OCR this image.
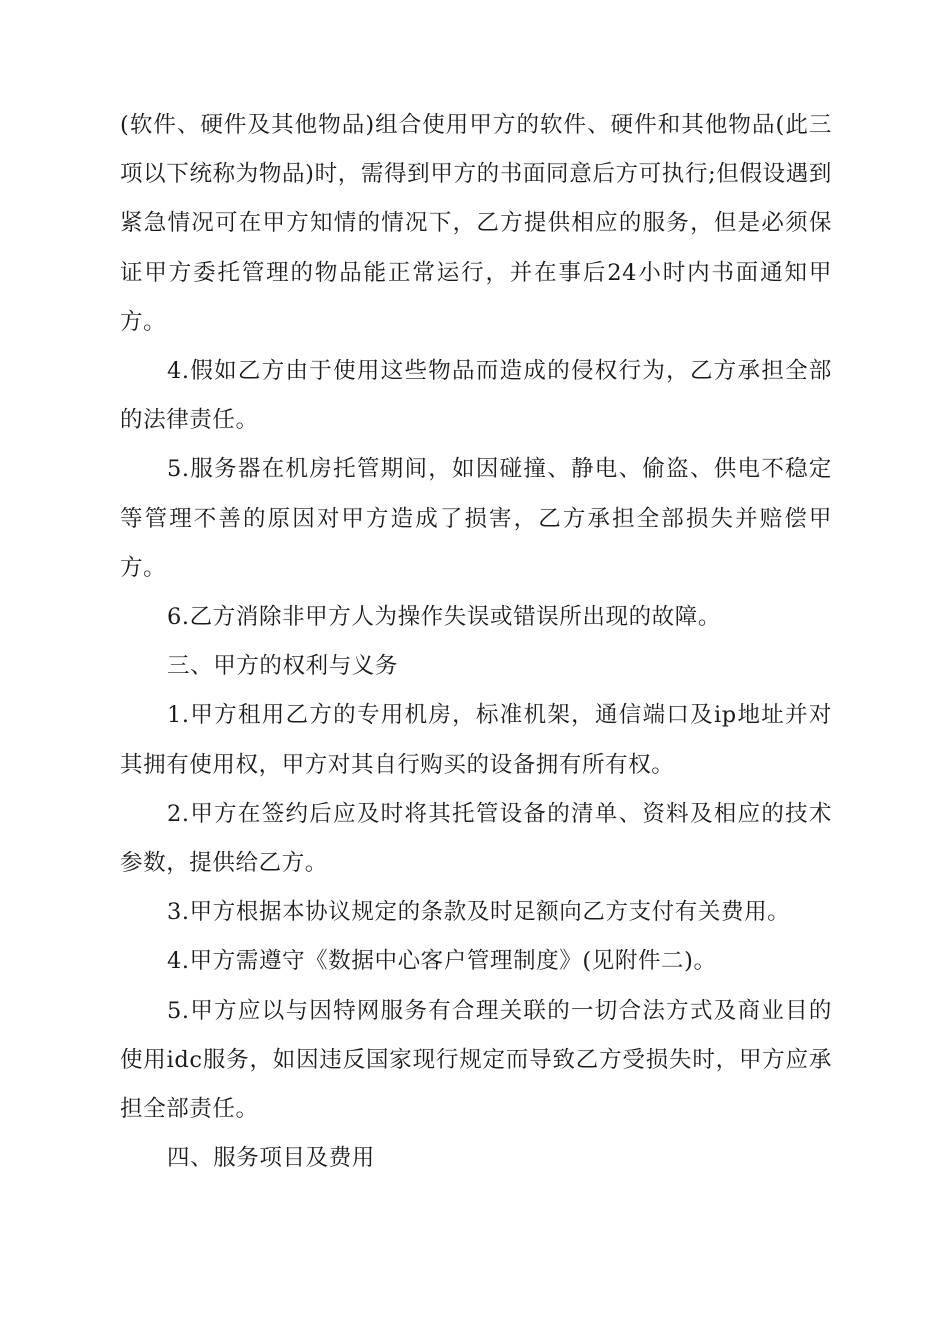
(软件、硬件及其他物品)组合使用甲方的软件、硬件和其他物品(此三项以下统称为物品)时，需得到甲方的书面同意后方可执行;但假设遇到紧急情况可在甲方知情的情况下，乙方提供相应的服务，但是必须保证甲方委托管理的物品能正常运行，并在事后24小时内书面通知甲方。

4.假如乙方由于使用这些物品而造成的侵权行为，乙方承担全部的法律责任。

5.服务器在机房托管期间，如因碰撞、静电、偷盗、供电不稳定等管理不善的原因对甲方造成了损害，乙方承担全部损失并赔偿甲方。

6.乙方消除非甲方人为操作失误或错误所出现的故障。

三、甲方的权利与义务

1.甲方租用乙方的专用机房，标准机架，通信端口及ip地址并对其拥有使用权，甲方对其自行购买的设备拥有所有权。

2.甲方在签约后应及时将其托管设备的清单、资料及相应的技术参数，提供给乙方。

3.甲方根据本协议规定的条款及时足额向乙方支付有关费用。

4.甲方需遵守《数据中心客户管理制度》(见附件二)。

5.甲方应以与因特网服务有合理关联的一切合法方式及商业目的使用idc服务，如因违反国家现行规定而导致乙方受损失时，甲方应承担全部责任。

四、服务项目及费用
